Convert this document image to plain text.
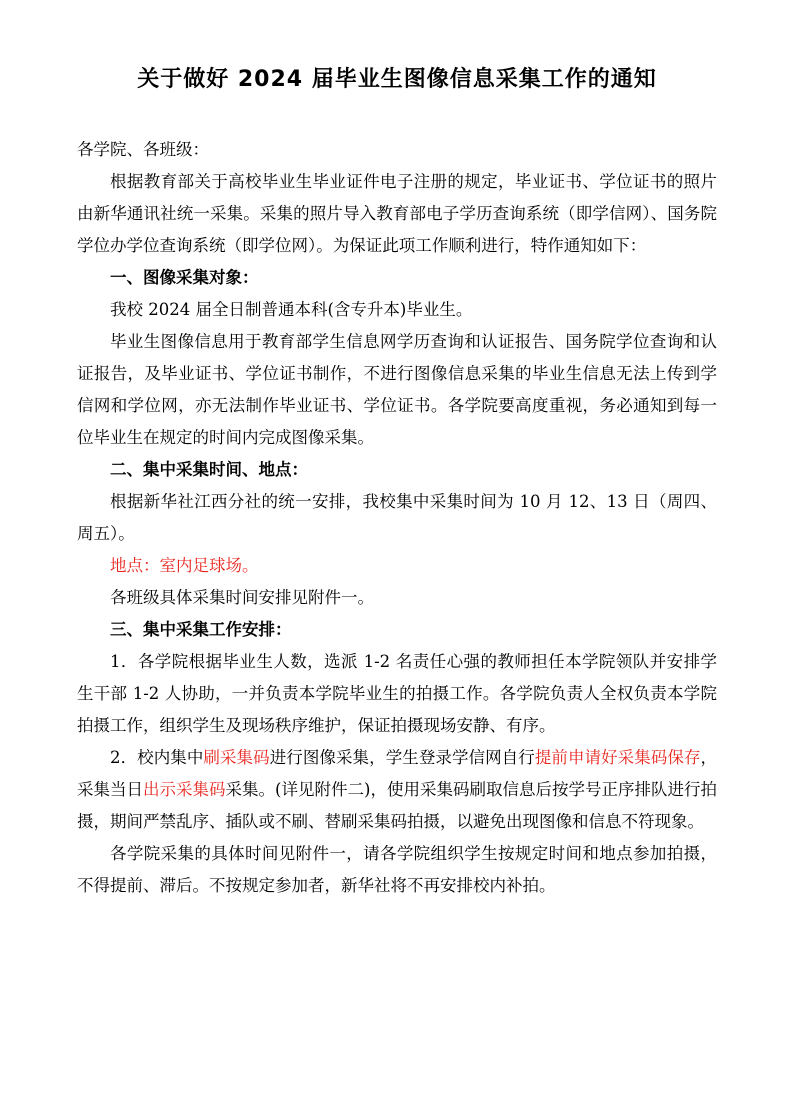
关于做好 2024 届毕业生图像信息采集工作的通知

各学院、各班级：

根据教育部关于高校毕业生毕业证件电子注册的规定，毕业证书、学位证书的照片由新华通讯社统一采集。采集的照片导入教育部电子学历查询系统（即学信网）、国务院学位办学位查询系统（即学位网）。为保证此项工作顺利进行，特作通知如下：

一、图像采集对象：

我校 2024 届全日制普通本科(含专升本)毕业生。

毕业生图像信息用于教育部学生信息网学历查询和认证报告、国务院学位查询和认证报告，及毕业证书、学位证书制作，不进行图像信息采集的毕业生信息无法上传到学信网和学位网，亦无法制作毕业证书、学位证书。各学院要高度重视，务必通知到每一位毕业生在规定的时间内完成图像采集。

二、集中采集时间、地点：

根据新华社江西分社的统一安排，我校集中采集时间为 10 月 12、13 日（周四、周五）。

地点：室内足球场。

各班级具体采集时间安排见附件一。

三、集中采集工作安排：

1．各学院根据毕业生人数，选派 1-2 名责任心强的教师担任本学院领队并安排学生干部 1-2 人协助，一并负责本学院毕业生的拍摄工作。各学院负责人全权负责本学院拍摄工作，组织学生及现场秩序维护，保证拍摄现场安静、有序。

2．校内集中刷采集码进行图像采集，学生登录学信网自行提前申请好采集码保存，采集当日出示采集码采集。(详见附件二)，使用采集码刷取信息后按学号正序排队进行拍摄，期间严禁乱序、插队或不刷、替刷采集码拍摄，以避免出现图像和信息不符现象。

各学院采集的具体时间见附件一，请各学院组织学生按规定时间和地点参加拍摄，不得提前、滞后。不按规定参加者，新华社将不再安排校内补拍。
